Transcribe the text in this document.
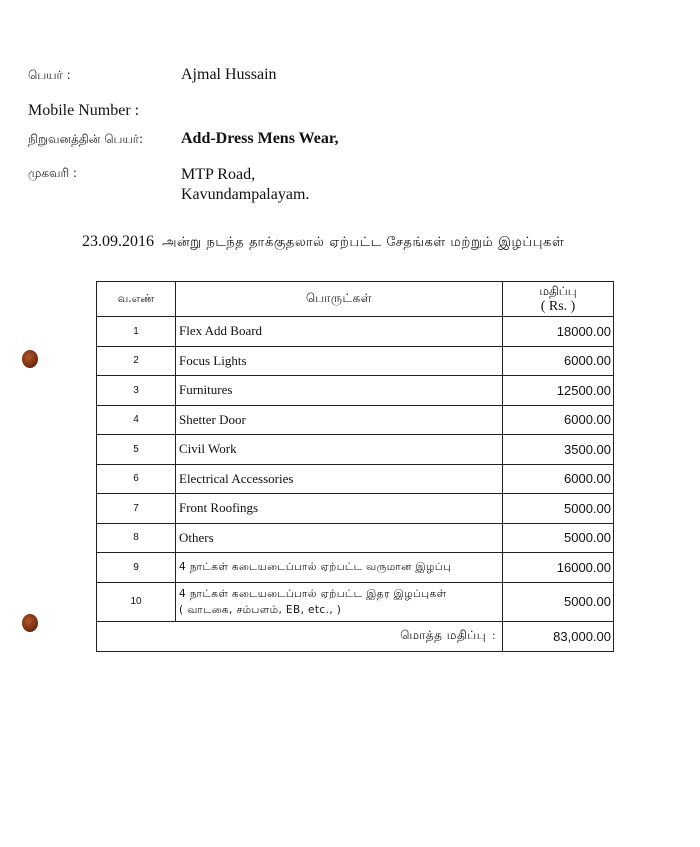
பெயர் :	Ajmal Hussain
Mobile Number :
நிறுவனத்தின் பெயர்: Add-Dress Mens Wear,
முகவரி :	MTP Road,
Kavundampalayam.
23.09.2016 அன்று நடந்த தாக்குதலால் ஏற்பட்ட சேதங்கள் மற்றும் இழப்புகள்
வ.எண்	பொருட்கள்	மதிப்பு
( Rs. )

1	Flex Add Board	18000.00
2	Focus Lights	6000.00
3	Furnitures	12500.00
4	Shetter Door	6000.00
5	Civil Work	3500.00
6	Electrical Accessories	6000.00
7	Front Roofings	5000.00
8	Others	5000.00
9	4 நாட்கள் கடையடைப்பால் ஏற்பட்ட வருமான இழப்பு	16000.00
10	4 நாட்கள் கடையடைப்பால் ஏற்பட்ட இதர இழப்புகள்
( வாடகை, சம்பளம், EB, etc., )	5000.00
மொத்த மதிப்பு :		83,000.00
